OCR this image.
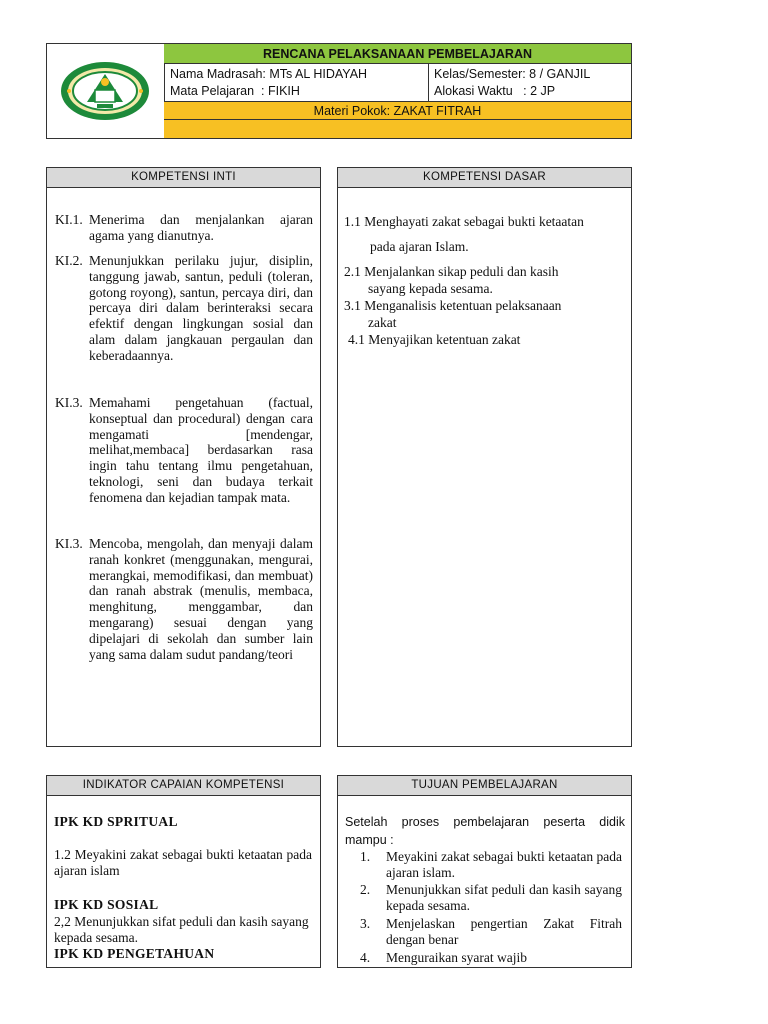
RENCANA PELAKSANAAN PEMBELAJARAN
Nama Madrasah: MTs AL HIDAYAH
Mata Pelajaran  : FIKIH
Kelas/Semester: 8 / GANJIL
Alokasi Waktu   : 2 JP
Materi Pokok: ZAKAT FITRAH
KOMPETENSI INTI
KI.1. Menerima dan menjalankan ajaran agama yang dianutnya.
KI.2. Menunjukkan perilaku jujur, disiplin, tanggung jawab, santun, peduli (toleran, gotong royong), santun, percaya diri, dan percaya diri dalam berinteraksi secara efektif dengan lingkungan sosial dan alam dalam jangkauan pergaulan dan keberadaannya.
KI.3. Memahami pengetahuan (factual, konseptual dan procedural) dengan cara mengamati [mendengar, melihat,membaca] berdasarkan rasa ingin tahu tentang ilmu pengetahuan, teknologi, seni dan budaya terkait fenomena dan kejadian tampak mata.
KI.3. Mencoba, mengolah, dan menyaji dalam ranah konkret (menggunakan, mengurai, merangkai, memodifikasi, dan membuat) dan ranah abstrak (menulis, membaca, menghitung, menggambar, dan mengarang) sesuai dengan yang dipelajari di sekolah dan sumber lain yang sama dalam sudut pandang/teori
KOMPETENSI DASAR
1.1 Menghayati zakat sebagai bukti ketaatan
pada ajaran Islam.
2.1 Menjalankan sikap peduli dan kasih
sayang kepada sesama.
3.1 Menganalisis ketentuan pelaksanaan
zakat
4.1 Menyajikan ketentuan zakat
INDIKATOR CAPAIAN KOMPETENSI
IPK KD SPRITUAL
1.2 Meyakini zakat sebagai bukti ketaatan pada ajaran islam
IPK KD SOSIAL
2,2 Menunjukkan sifat peduli dan kasih sayang kepada sesama.
IPK KD PENGETAHUAN
TUJUAN PEMBELAJARAN
Setelah proses pembelajaran peserta didik mampu :
1. Meyakini zakat sebagai bukti ketaatan pada ajaran islam.
2. Menunjukkan sifat peduli dan kasih sayang kepada sesama.
3. Menjelaskan pengertian Zakat Fitrah dengan benar
4. Menguraikan syarat wajib
